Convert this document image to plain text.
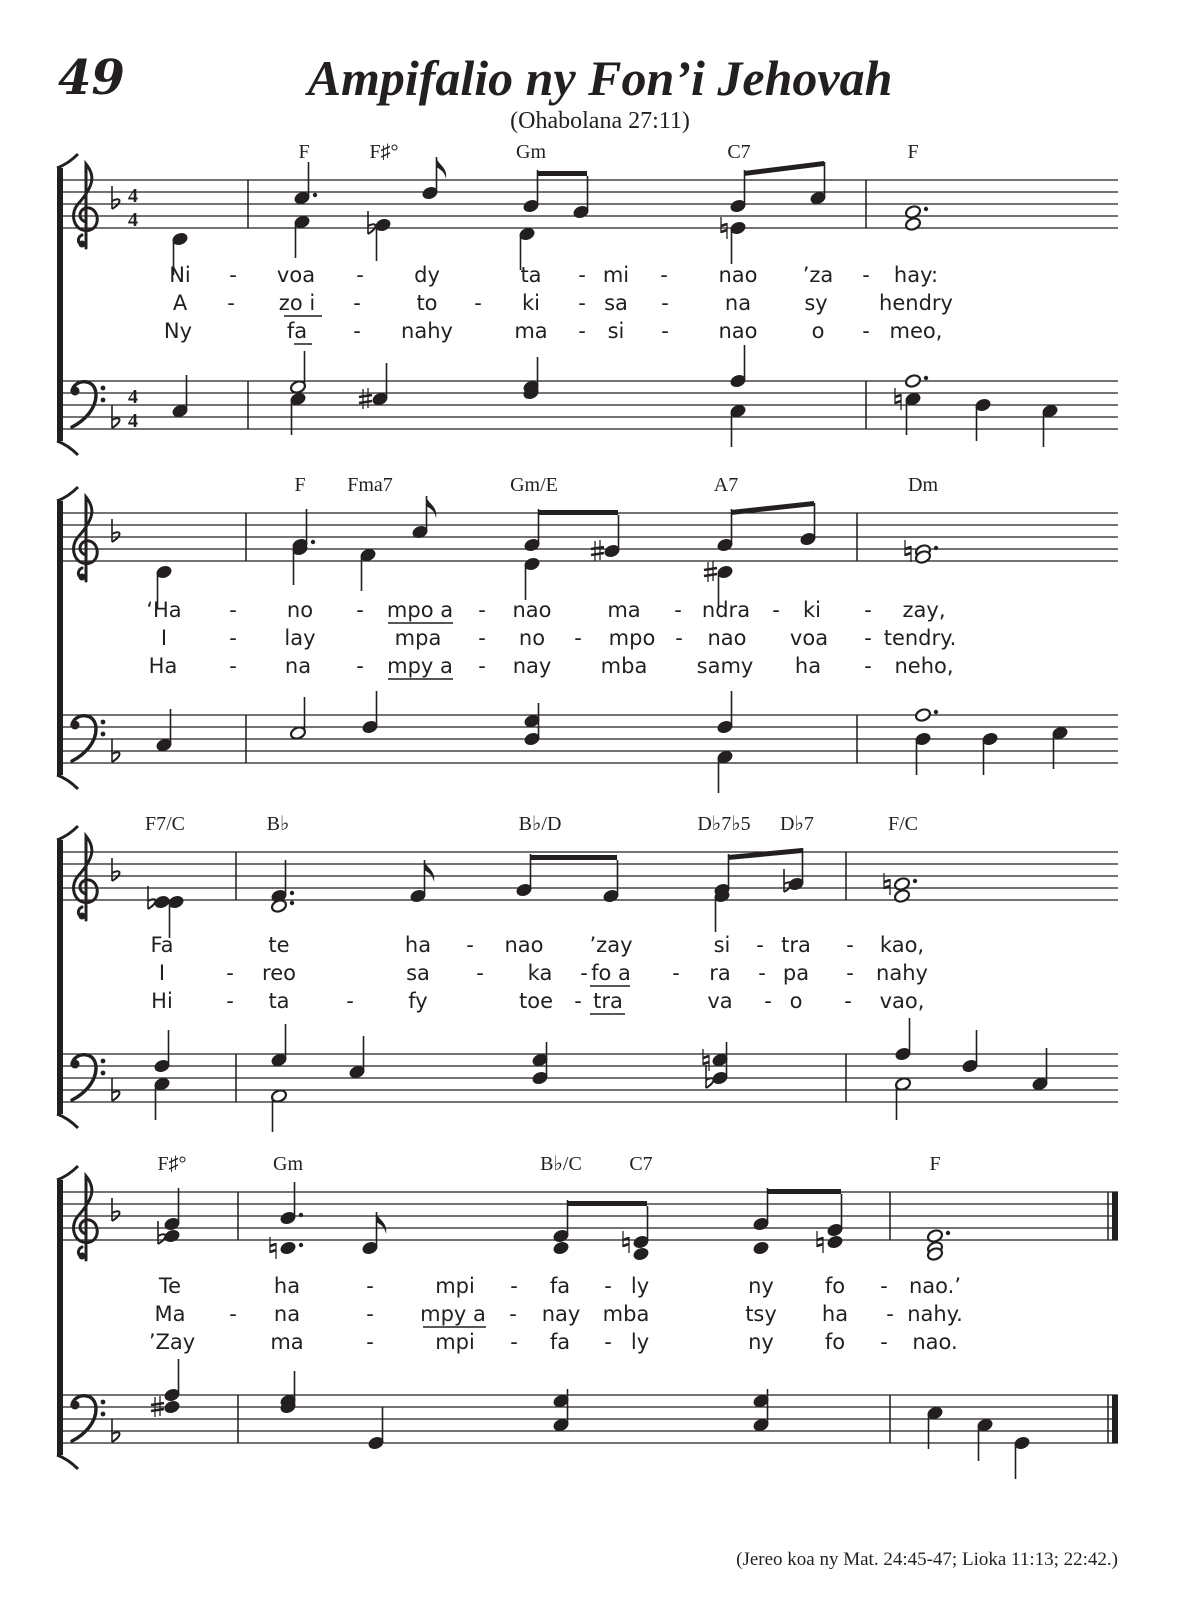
49	Ampifalio ny Fon’i Jehovah
(Ohabolana 27:11)
4
4
4
4
F	F♯°	Gm	C7	F
Ni - voa - dy	ta - mi - nao ’za - hay:
A - zo i -	to - ki - sa -	na	sy hendry
Ny	fa - nahy	ma - si - nao	o - meo,
F Fma7	Gm/E	A7	Dm
‘Ha - no - mpo a - nao	ma - ndra - ki - zay,
I	- lay	mpa - no - mpo - nao voa - tendry.
Ha - na - mpy a - nay mba samy ha - neho,
F7/C	B♭	B♭/D	D♭7♭5 D♭7	F/C
Fa	te	ha - nao ’zay	si - tra - kao,
I	- reo	sa - ka - fo a - ra - pa - nahy
Hi	- ta	-	fy	toe - tra	va - o - vao,
F♯°	Gm	B♭/C C7	F
Te	ha	-	mpi - fa - ly	ny fo - nao.’
Ma - na	- mpy a - nay mba	tsy ha - nahy.
’Zay	ma	-	mpi - fa - ly	ny fo - nao.
(Jereo koa ny Mat. 24:45-47; Lioka 11:13; 22:42.)
